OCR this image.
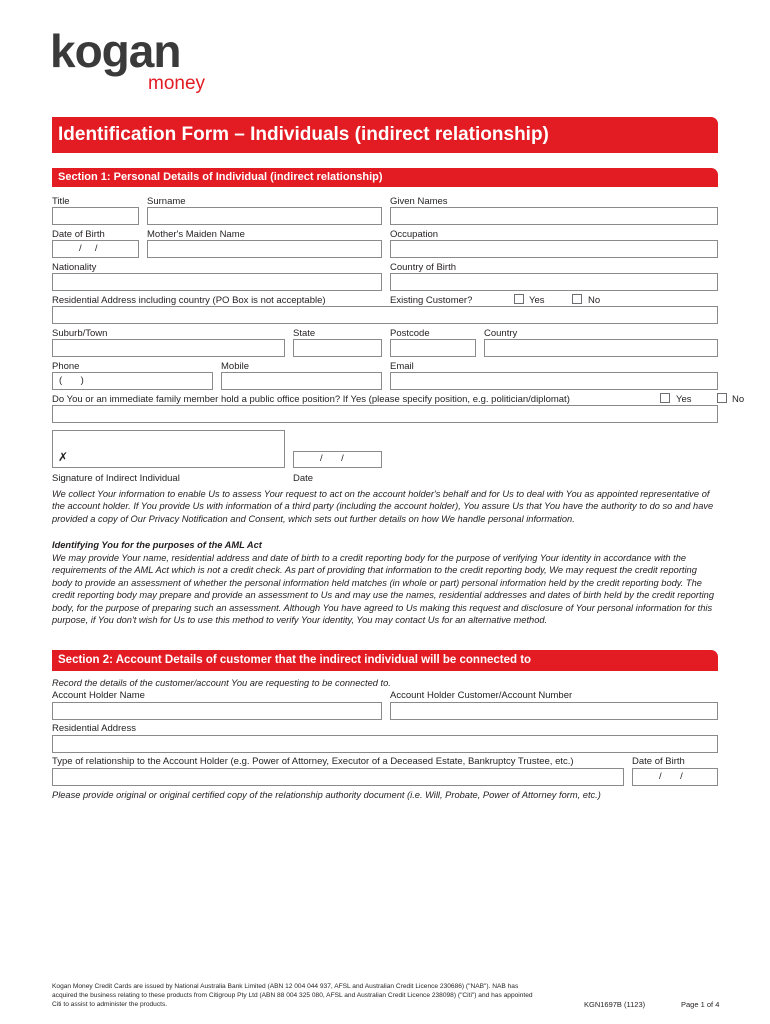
kogan
money
Identification Form – Individuals (indirect relationship)
Section 1: Personal Details of Individual (indirect relationship)
Title	Surname	Given Names
Date of Birth	Mother's Maiden Name	Occupation
/     /
Nationality	Country of Birth
Residential Address including country (PO Box is not acceptable)	Existing Customer?	Yes	No
Suburb/Town	State	Postcode	Country
Phone	Mobile	Email
(       )
Do You or an immediate family member hold a public office position? If Yes (please specify position, e.g. politician/diplomat)	Yes	No
✗	/       /
Signature of Indirect Individual	Date
We collect Your information to enable Us to assess Your request to act on the account holder's behalf and for Us to deal with You as appointed representative of the account holder. If You provide Us with information of a third party (including the account holder), You assure Us that You have the authority to do so and have provided a copy of Our Privacy Notification and Consent, which sets out further details on how We handle personal information.
Identifying You for the purposes of the AML Act
We may provide Your name, residential address and date of birth to a credit reporting body for the purpose of verifying Your identity in accordance with the requirements of the AML Act which is not a credit check. As part of providing that information to the credit reporting body, We may request the credit reporting body to provide an assessment of whether the personal information held matches (in whole or part) personal information held by the credit reporting body. The credit reporting body may prepare and provide an assessment to Us and may use the names, residential addresses and dates of birth held by the credit reporting body, for the purpose of preparing such an assessment. Although You have agreed to Us making this request and disclosure of Your personal information for this purpose, if You don't wish for Us to use this method to verify Your identity, You may contact Us for an alternative method.
Section 2: Account Details of customer that the indirect individual will be connected to
Record the details of the customer/account You are requesting to be connected to.
Account Holder Name	Account Holder Customer/Account Number
Residential Address
Type of relationship to the Account Holder (e.g. Power of Attorney, Executor of a Deceased Estate, Bankruptcy Trustee, etc.)	Date of Birth
/       /
Please provide original or original certified copy of the relationship authority document (i.e. Will, Probate, Power of Attorney form, etc.)
Kogan Money Credit Cards are issued by National Australia Bank Limited (ABN 12 004 044 937, AFSL and Australian Credit Licence 230686) ("NAB"). NAB has acquired the business relating to these products from Citigroup Pty Ltd (ABN 88 004 325 080, AFSL and Australian Credit Licence 238098) ("Citi") and has appointed Citi to assist to administer the products.	KGN1697B (1123)	Page 1 of 4
